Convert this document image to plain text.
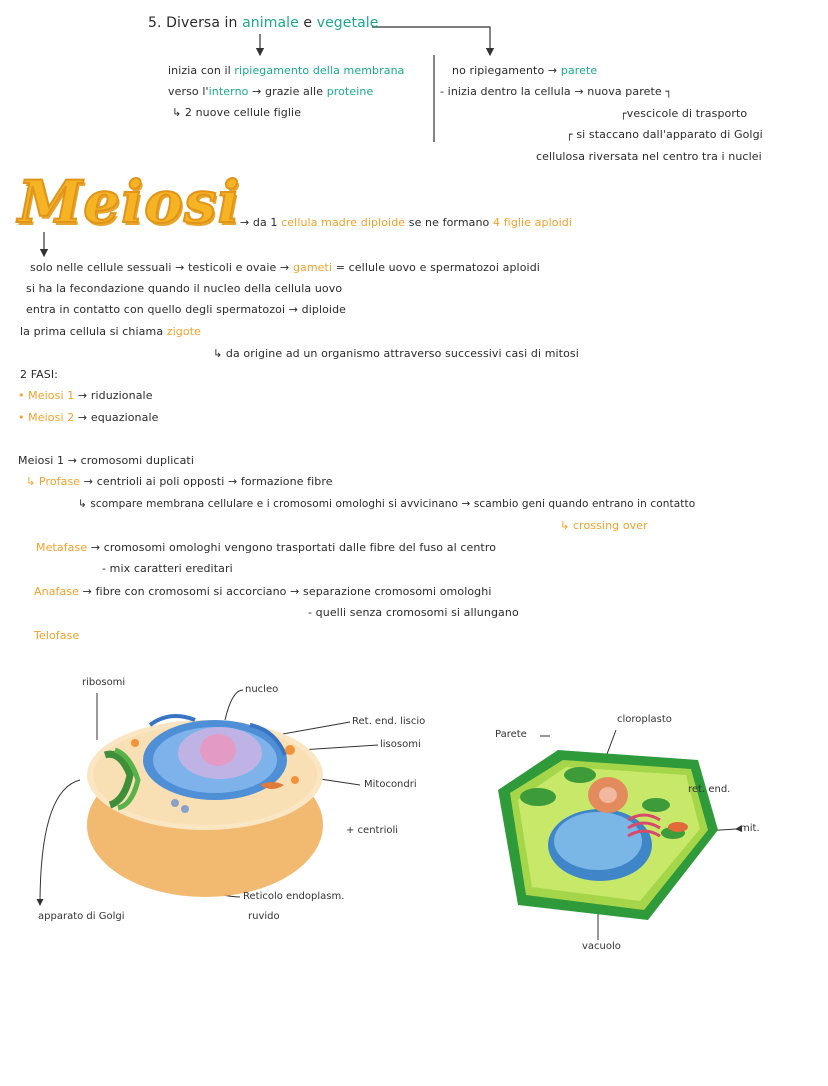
5. Diversa in animale e vegetale
inizia con il ripiegamento della membrana
verso l'interno → grazie alle proteine
↳ 2 nuove cellule figlie
no ripiegamento → parete
- inizia dentro la cellula → nuova parete ┐
┌vescicole di trasporto
┌ si staccano dall'apparato di Golgi
cellulosa riversata nel centro tra i nuclei
Meiosi → da 1 cellula madre diploide se ne formano 4 figlie aploidi
solo nelle cellule sessuali → testicoli e ovaie → gameti = cellule uovo e spermatozoi aploidi
si ha la fecondazione quando il nucleo della cellula uovo
entra in contatto con quello degli spermatozoi → diploide
la prima cellula si chiama zigote
↳ da origine ad un organismo attraverso successivi casi di mitosi
2 FASI:
• Meiosi 1 → riduzionale
• Meiosi 2 → equazionale
Meiosi 1 → cromosomi duplicati
↳ Profase → centrioli ai poli opposti → formazione fibre
↳ scompare membrana cellulare e i cromosomi omologhi si avvicinano → scambio geni quando entrano in contatto
↳ crossing over
Metafase → cromosomi omologhi vengono trasportati dalle fibre del fuso al centro
- mix caratteri ereditari
Anafase → fibre con cromosomi si accorciano → separazione cromosomi omologhi
- quelli senza cromosomi si allungano
Telofase
ribosomi
nucleo
Ret. end. liscio
lisosomi
Mitocondri
+ centrioli
Reticolo endoplasm.
ruvido
apparato di Golgi
Parete
cloroplasto
ret. end.
mit.
vacuolo
